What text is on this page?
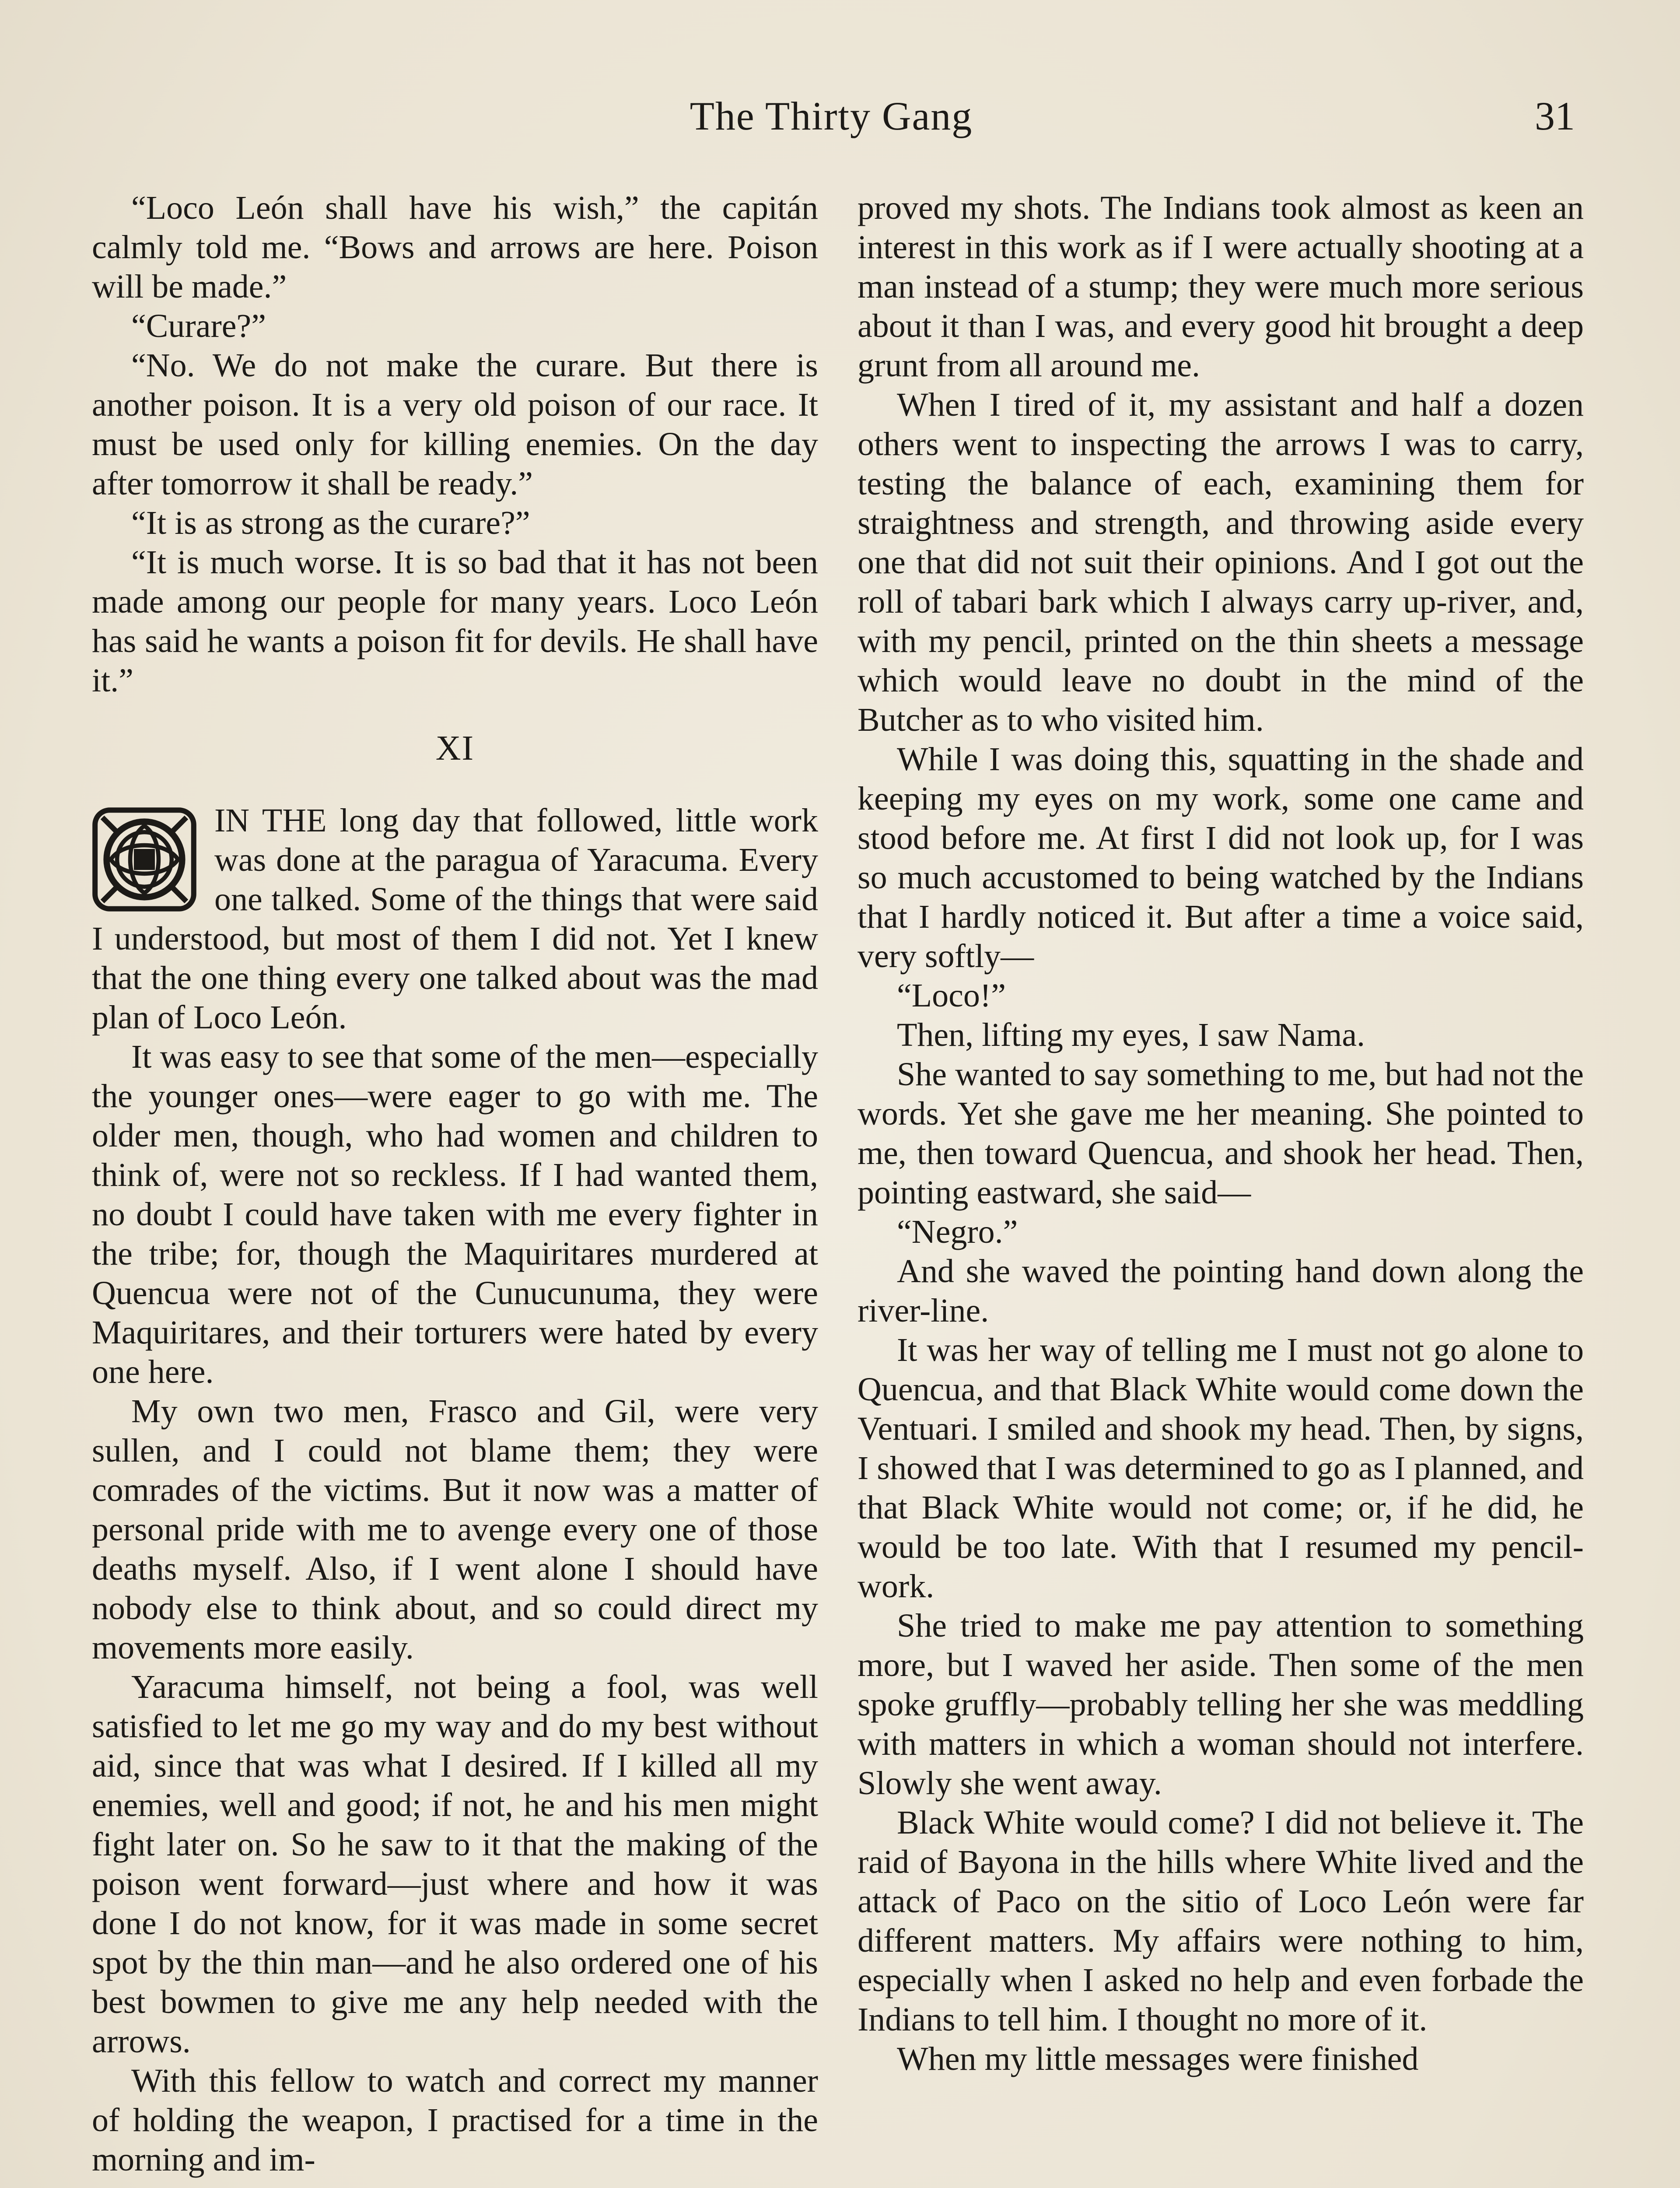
The Thirty Gang	31

“Loco León shall have his wish,” the capitán calmly told me. “Bows and arrows are here. Poison will be made.”

“Curare?”

“No. We do not make the curare. But there is another poison. It is a very old poison of our race. It must be used only for killing enemies. On the day after tomorrow it shall be ready.”

“It is as strong as the curare?”

“It is much worse. It is so bad that it has not been made among our people for many years. Loco León has said he wants a poison fit for devils. He shall have it.”

XI

IN THE long day that followed, little work was done at the paragua of Yaracuma. Every one talked. Some of the things that were said I understood, but most of them I did not. Yet I knew that the one thing every one talked about was the mad plan of Loco León.

It was easy to see that some of the men—especially the younger ones—were eager to go with me. The older men, though, who had women and children to think of, were not so reckless. If I had wanted them, no doubt I could have taken with me every fighter in the tribe; for, though the Maquiritares murdered at Quencua were not of the Cunucunuma, they were Maquiritares, and their torturers were hated by every one here.

My own two men, Frasco and Gil, were very sullen, and I could not blame them; they were comrades of the victims. But it now was a matter of personal pride with me to avenge every one of those deaths myself. Also, if I went alone I should have nobody else to think about, and so could direct my movements more easily.

Yaracuma himself, not being a fool, was well satisfied to let me go my way and do my best without aid, since that was what I desired. If I killed all my enemies, well and good; if not, he and his men might fight later on. So he saw to it that the making of the poison went forward—just where and how it was done I do not know, for it was made in some secret spot by the thin man—and he also ordered one of his best bowmen to give me any help needed with the arrows.

With this fellow to watch and correct my manner of holding the weapon, I practised for a time in the morning and im-

proved my shots. The Indians took almost as keen an interest in this work as if I were actually shooting at a man instead of a stump; they were much more serious about it than I was, and every good hit brought a deep grunt from all around me.

When I tired of it, my assistant and half a dozen others went to inspecting the arrows I was to carry, testing the balance of each, examining them for straightness and strength, and throwing aside every one that did not suit their opinions. And I got out the roll of tabari bark which I always carry up-river, and, with my pencil, printed on the thin sheets a message which would leave no doubt in the mind of the Butcher as to who visited him.

While I was doing this, squatting in the shade and keeping my eyes on my work, some one came and stood before me. At first I did not look up, for I was so much accustomed to being watched by the Indians that I hardly noticed it. But after a time a voice said, very softly—

“Loco!”

Then, lifting my eyes, I saw Nama.

She wanted to say something to me, but had not the words. Yet she gave me her meaning. She pointed to me, then toward Quencua, and shook her head. Then, pointing eastward, she said—

“Negro.”

And she waved the pointing hand down along the river-line.

It was her way of telling me I must not go alone to Quencua, and that Black White would come down the Ventuari. I smiled and shook my head. Then, by signs, I showed that I was determined to go as I planned, and that Black White would not come; or, if he did, he would be too late. With that I resumed my pencil-work.

She tried to make me pay attention to something more, but I waved her aside. Then some of the men spoke gruffly—probably telling her she was meddling with matters in which a woman should not interfere. Slowly she went away.

Black White would come? I did not believe it. The raid of Bayona in the hills where White lived and the attack of Paco on the sitio of Loco León were far different matters. My affairs were nothing to him, especially when I asked no help and even forbade the Indians to tell him. I thought no more of it.

When my little messages were finished
